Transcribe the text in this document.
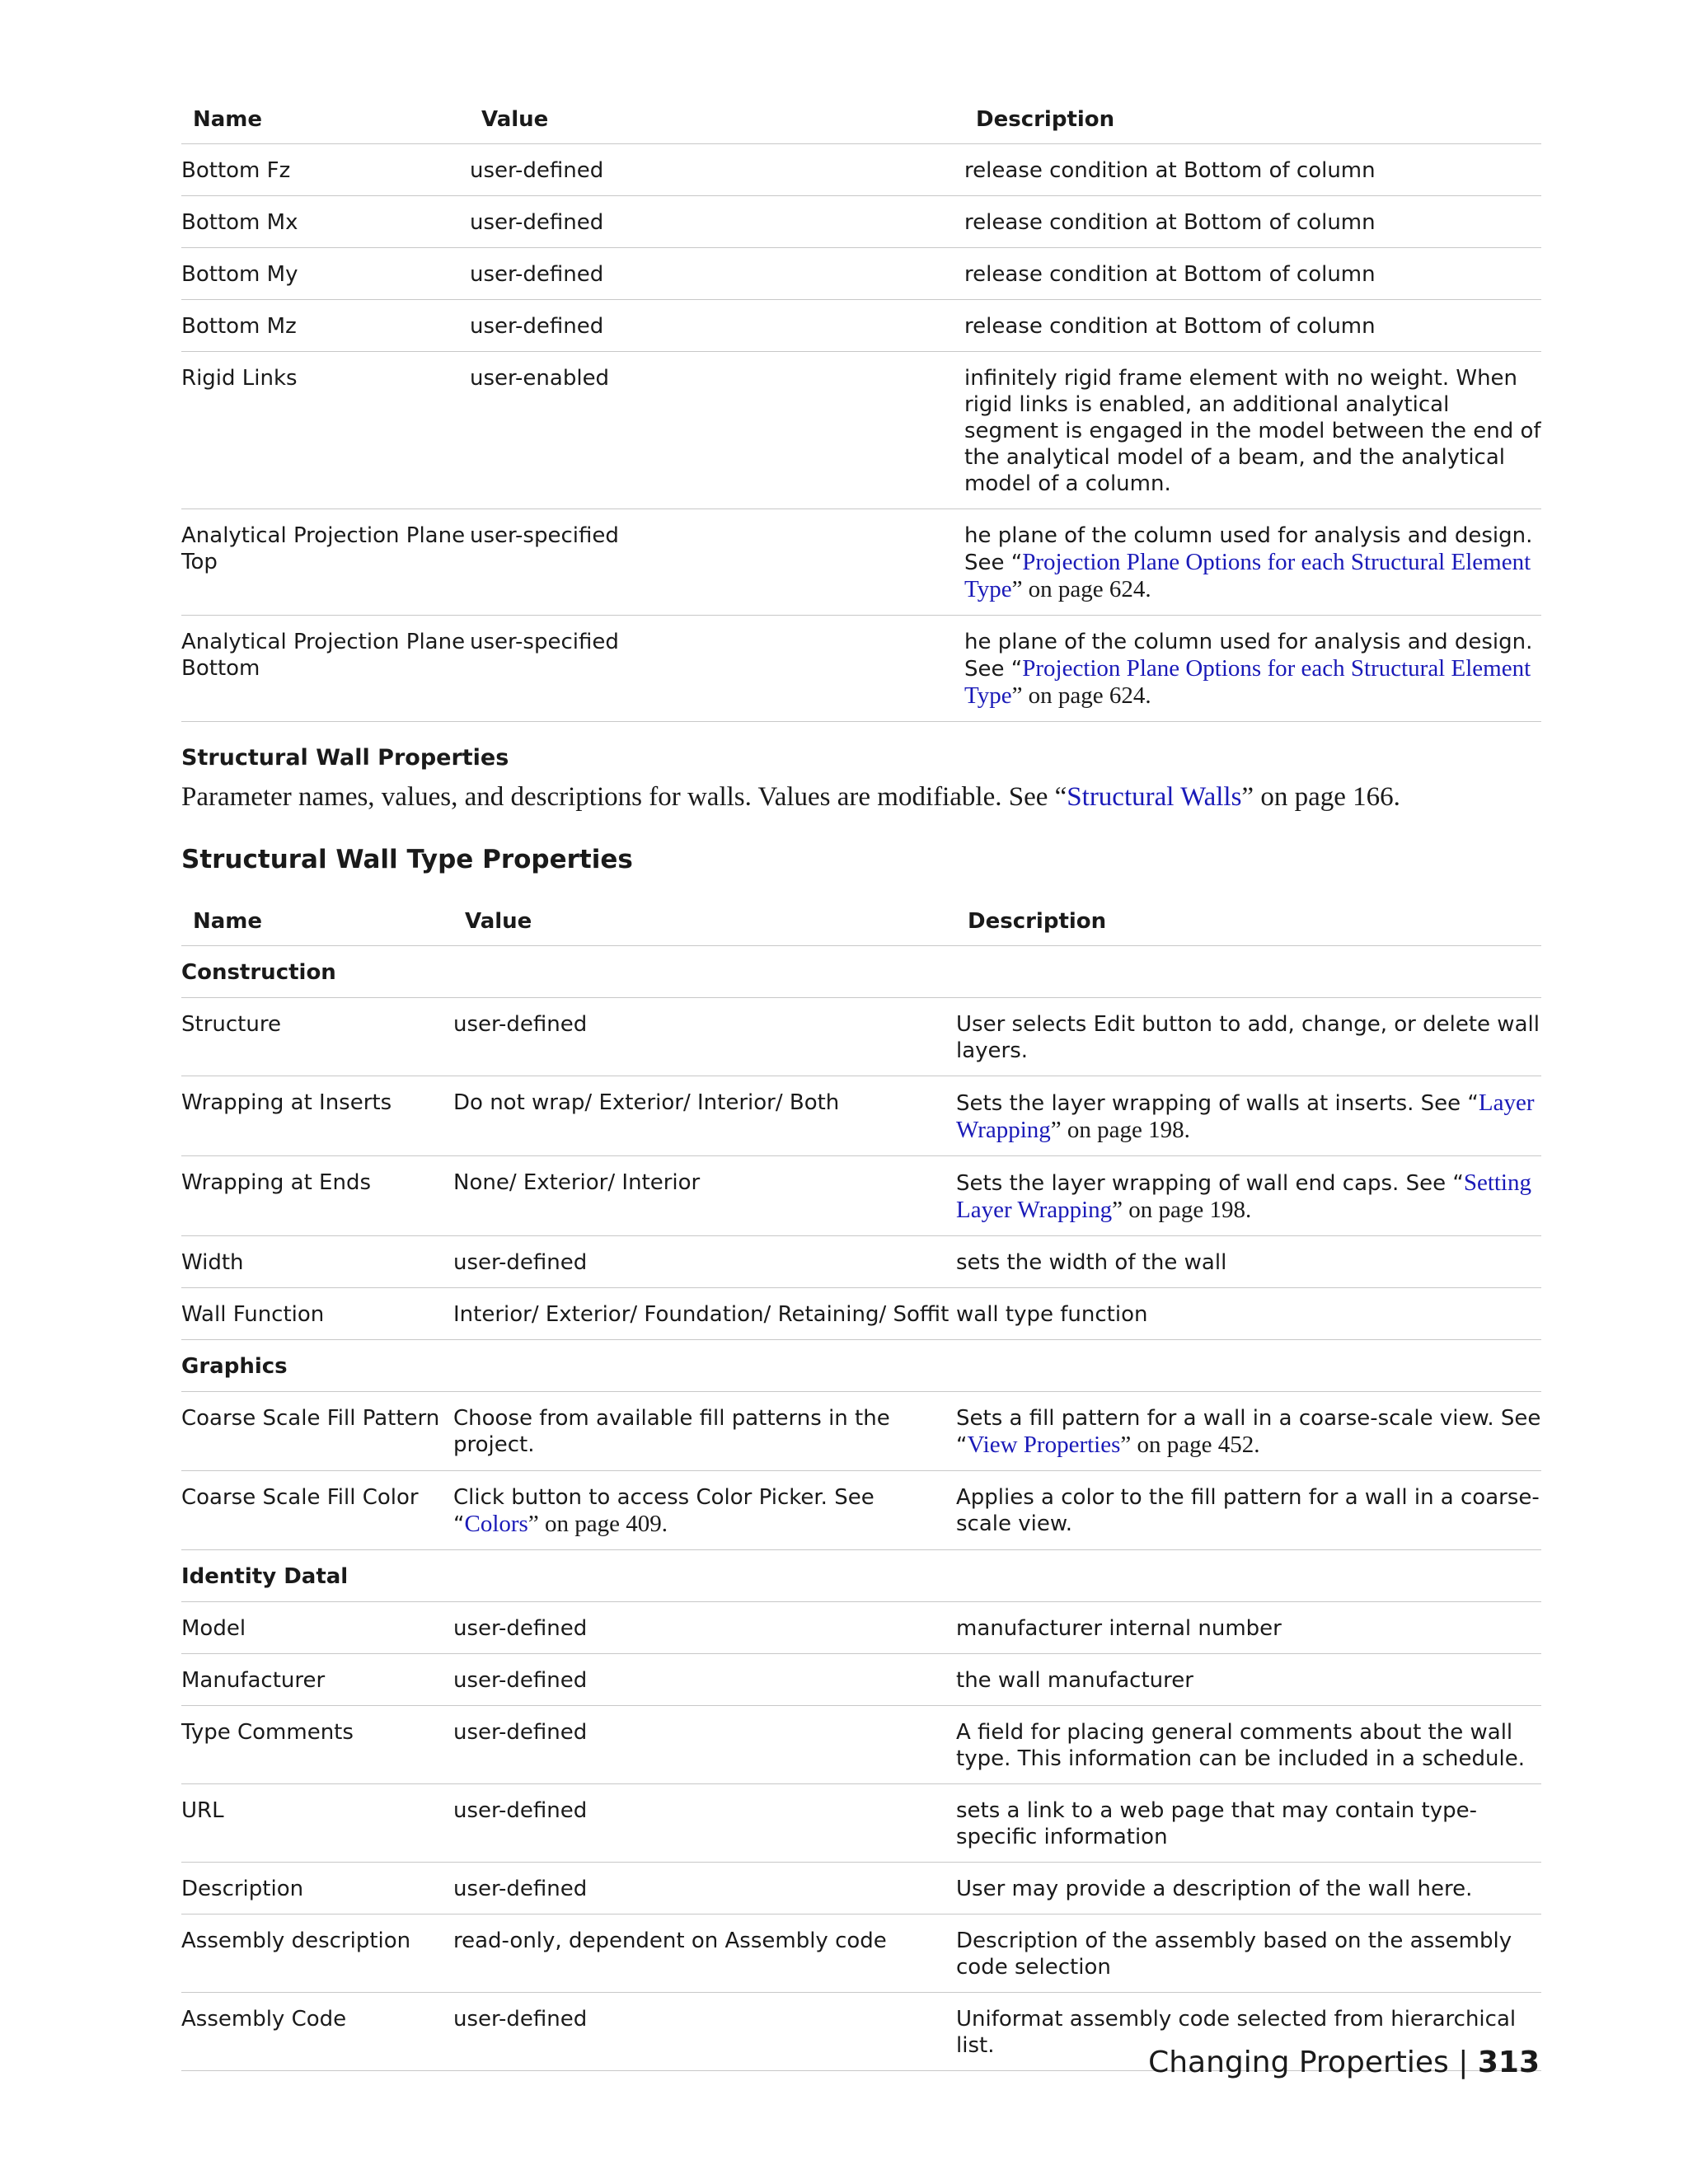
Name	Value	Description
Bottom Fz	user-defined	release condition at Bottom of column
Bottom Mx	user-defined	release condition at Bottom of column
Bottom My	user-defined	release condition at Bottom of column
Bottom Mz	user-defined	release condition at Bottom of column
Rigid Links	user-enabled	infinitely rigid frame element with no weight. When rigid links is enabled, an additional analytical segment is engaged in the model between the end of the analytical model of a beam, and the analytical model of a column.
Analytical Projection Plane Top	user-specified	he plane of the column used for analysis and design. See “Projection Plane Options for each Structural Element Type” on page 624.
Analytical Projection Plane Bottom	user-specified	he plane of the column used for analysis and design. See “Projection Plane Options for each Structural Element Type” on page 624.
Structural Wall Properties

Parameter names, values, and descriptions for walls. Values are modifiable. See “Structural Walls” on page 166.

Structural Wall Type Properties
Name	Value	Description
Construction		
Structure	user-defined	User selects Edit button to add, change, or delete wall layers.
Wrapping at Inserts	Do not wrap/ Exterior/ Interior/ Both	Sets the layer wrapping of walls at inserts. See “Layer Wrapping” on page 198.
Wrapping at Ends	None/ Exterior/ Interior	Sets the layer wrapping of wall end caps. See “Setting Layer Wrapping” on page 198.
Width	user-defined	sets the width of the wall
Wall Function	Interior/ Exterior/ Foundation/ Retaining/ Soffit	wall type function
Graphics		
Coarse Scale Fill Pattern	Choose from available fill patterns in the project.	Sets a fill pattern for a wall in a coarse-scale view. See “View Properties” on page 452.
Coarse Scale Fill Color	Click button to access Color Picker. See “Colors” on page 409.	Applies a color to the fill pattern for a wall in a coarse-scale view.
Identity Datal		
Model	user-defined	manufacturer internal number
Manufacturer	user-defined	the wall manufacturer
Type Comments	user-defined	A field for placing general comments about the wall type. This information can be included in a schedule.
URL	user-defined	sets a link to a web page that may contain type-specific information
Description	user-defined	User may provide a description of the wall here.
Assembly description	read-only, dependent on Assembly code	Description of the assembly based on the assembly code selection
Assembly Code	user-defined	Uniformat assembly code selected from hierarchical list.	Changing Properties | 313
